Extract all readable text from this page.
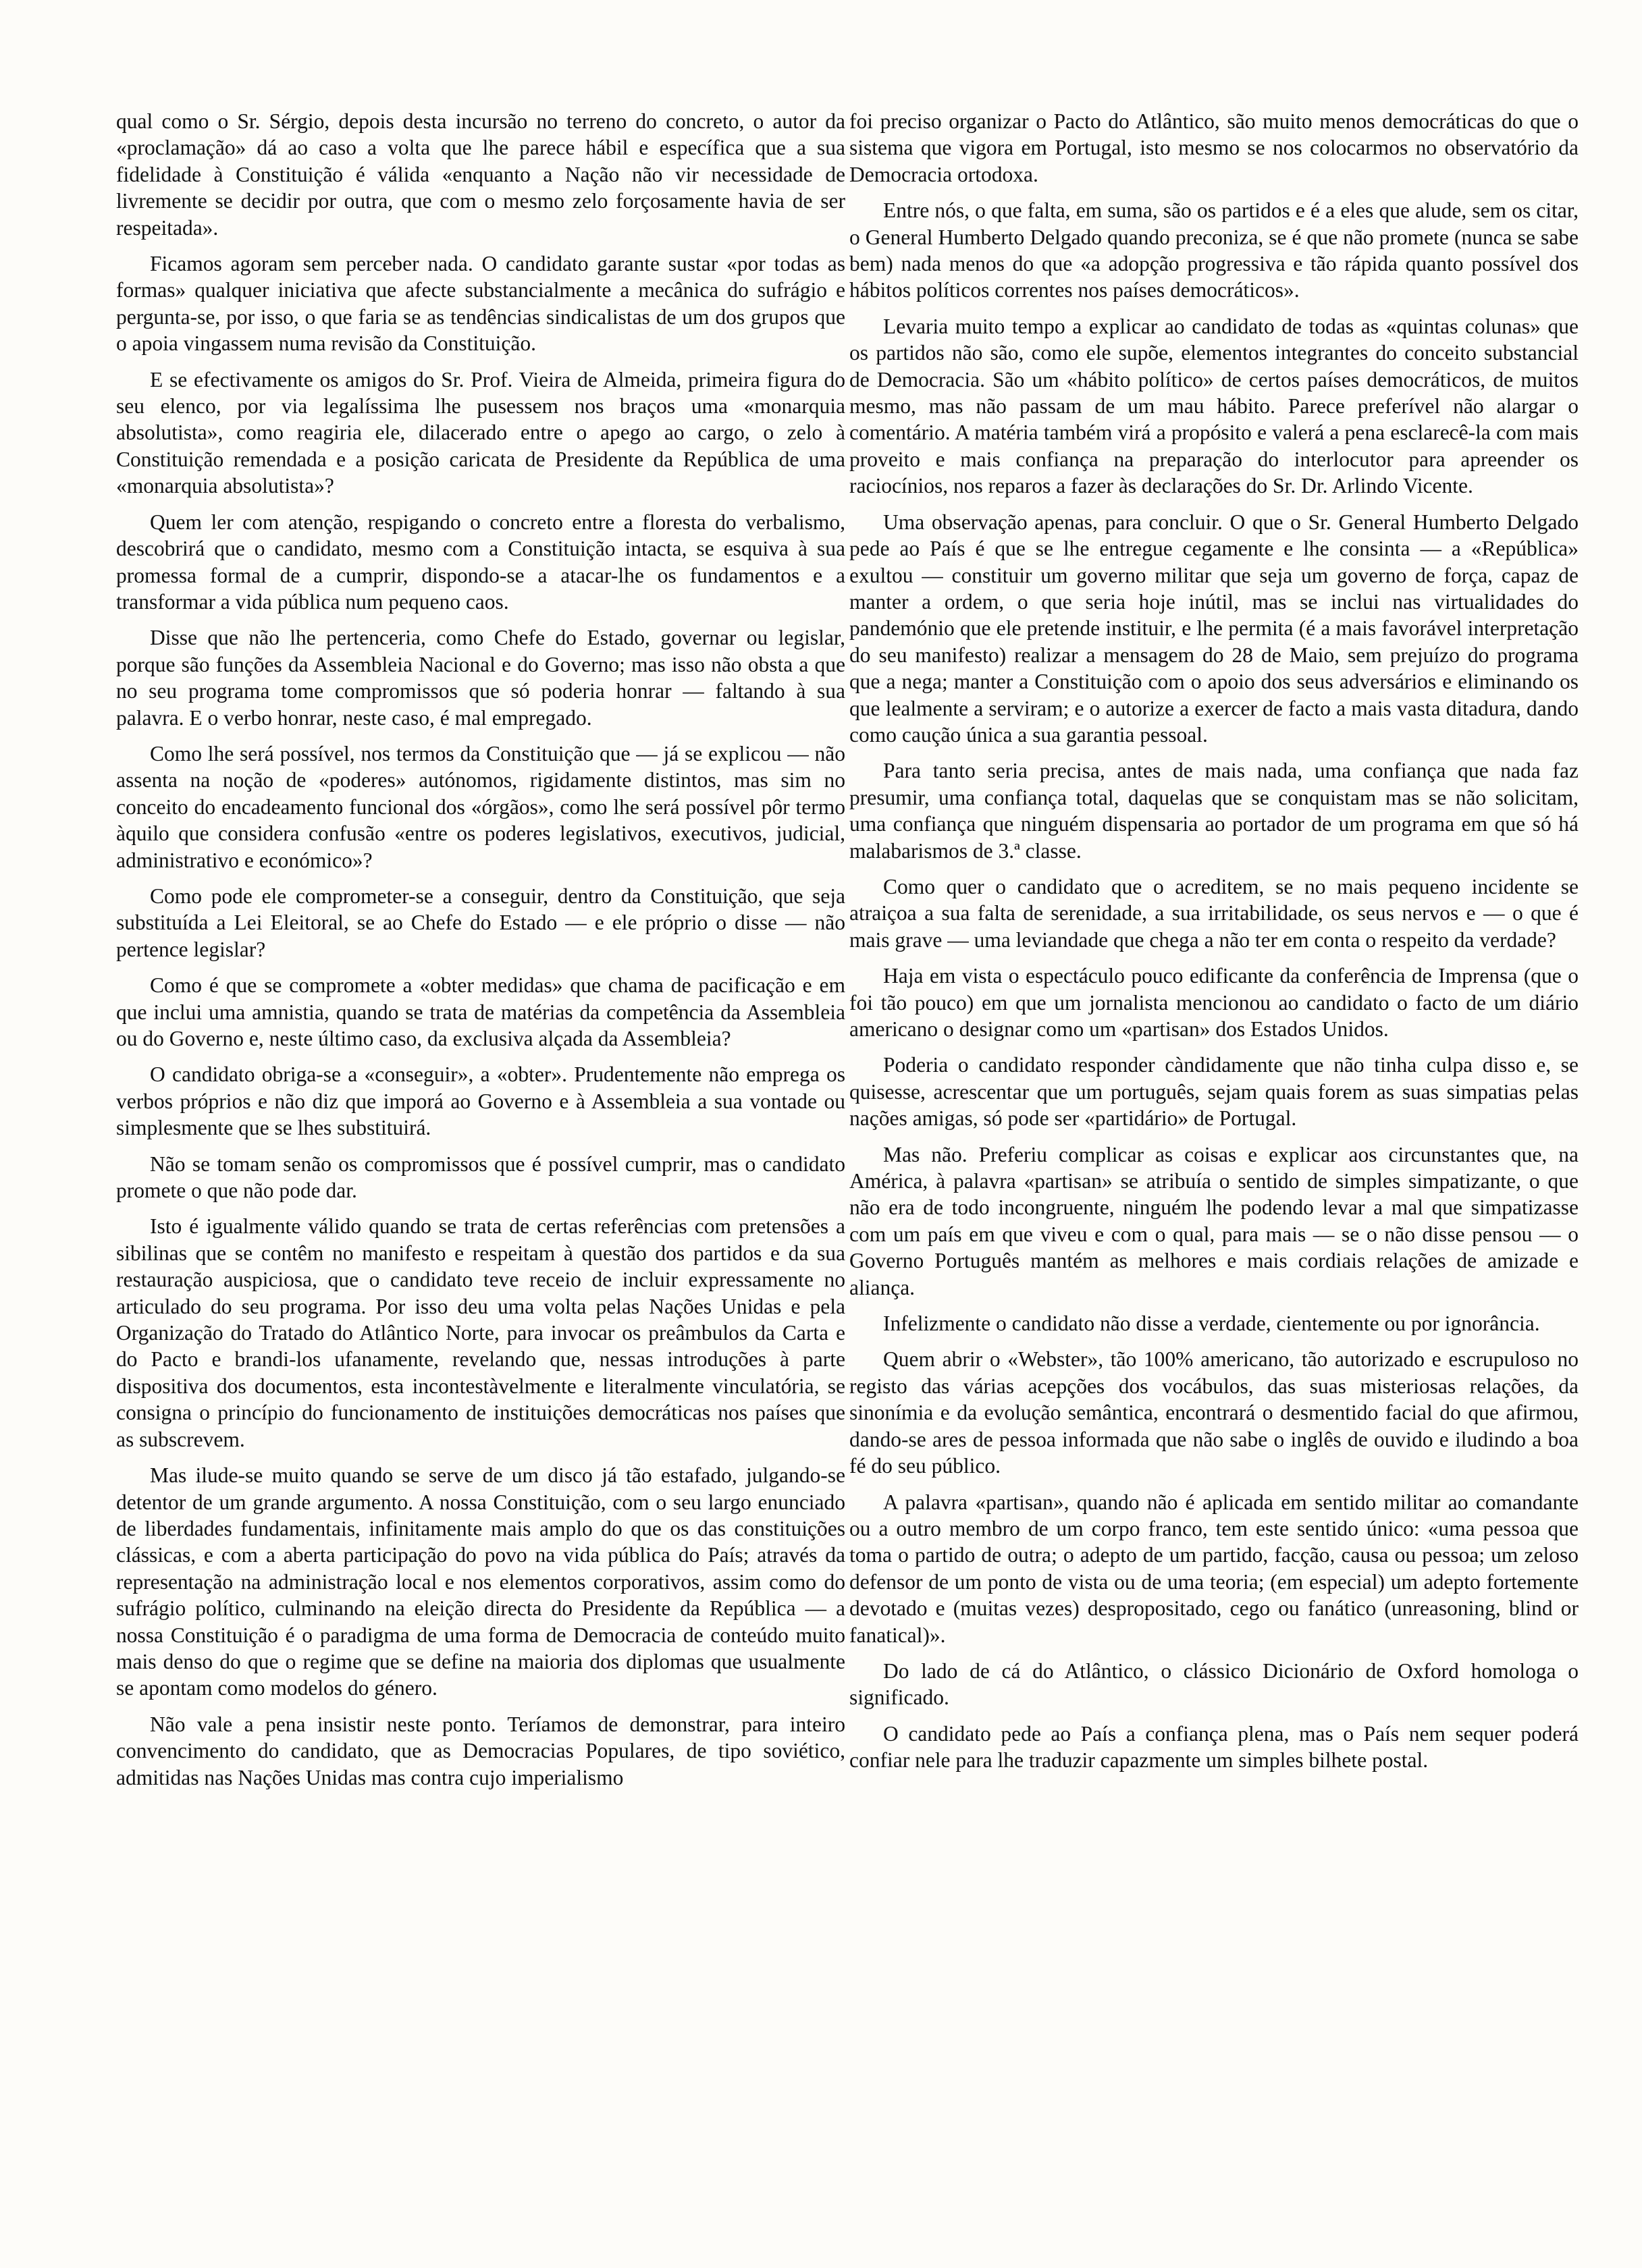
qual como o Sr. Sérgio, depois desta incursão no terreno do concreto, o autor da «proclamação» dá ao caso a volta que lhe parece hábil e específica que a sua fidelidade à Constituição é válida «enquanto a Nação não vir necessidade de livremente se decidir por outra, que com o mesmo zelo forçosamente havia de ser respeitada».

Ficamos agoram sem perceber nada. O candidato garante sustar «por todas as formas» qualquer iniciativa que afecte substancialmente a mecânica do sufrágio e pergunta-se, por isso, o que faria se as tendências sindicalistas de um dos grupos que o apoia vingassem numa revisão da Constituição.

E se efectivamente os amigos do Sr. Prof. Vieira de Almeida, primeira figura do seu elenco, por via legalíssima lhe pusessem nos braços uma «monarquia absolutista», como reagiria ele, dilacerado entre o apego ao cargo, o zelo à Constituição remendada e a posição caricata de Presidente da República de uma «monarquia absolutista»?

Quem ler com atenção, respigando o concreto entre a floresta do verbalismo, descobrirá que o candidato, mesmo com a Constituição intacta, se esquiva à sua promessa formal de a cumprir, dispondo-se a atacar-lhe os fundamentos e a transformar a vida pública num pequeno caos.

Disse que não lhe pertenceria, como Chefe do Estado, governar ou legislar, porque são funções da Assembleia Nacional e do Governo; mas isso não obsta a que no seu programa tome compromissos que só poderia honrar — faltando à sua palavra. E o verbo honrar, neste caso, é mal empregado.

Como lhe será possível, nos termos da Constituição que — já se explicou — não assenta na noção de «poderes» autónomos, rigidamente distintos, mas sim no conceito do encadeamento funcional dos «órgãos», como lhe será possível pôr termo àquilo que considera confusão «entre os poderes legislativos, executivos, judicial, administrativo e económico»?

Como pode ele comprometer-se a conseguir, dentro da Constituição, que seja substituída a Lei Eleitoral, se ao Chefe do Estado — e ele próprio o disse — não pertence legislar?

Como é que se compromete a «obter medidas» que chama de pacificação e em que inclui uma amnistia, quando se trata de matérias da competência da Assembleia ou do Governo e, neste último caso, da exclusiva alçada da Assembleia?

O candidato obriga-se a «conseguir», a «obter». Prudentemente não emprega os verbos próprios e não diz que imporá ao Governo e à Assembleia a sua vontade ou simplesmente que se lhes substituirá.

Não se tomam senão os compromissos que é possível cumprir, mas o candidato promete o que não pode dar.

Isto é igualmente válido quando se trata de certas referências com pretensões a sibilinas que se contêm no manifesto e respeitam à questão dos partidos e da sua restauração auspiciosa, que o candidato teve receio de incluir expressamente no articulado do seu programa. Por isso deu uma volta pelas Nações Unidas e pela Organização do Tratado do Atlântico Norte, para invocar os preâmbulos da Carta e do Pacto e brandi-los ufanamente, revelando que, nessas introduções à parte dispositiva dos documentos, esta incontestàvelmente e literalmente vinculatória, se consigna o princípio do funcionamento de instituições democráticas nos países que as subscrevem.

Mas ilude-se muito quando se serve de um disco já tão estafado, julgando-se detentor de um grande argumento. A nossa Constituição, com o seu largo enunciado de liberdades fundamentais, infinitamente mais amplo do que os das constituições clássicas, e com a aberta participação do povo na vida pública do País; através da representação na administração local e nos elementos corporativos, assim como do sufrágio político, culminando na eleição directa do Presidente da República — a nossa Constituição é o paradigma de uma forma de Democracia de conteúdo muito mais denso do que o regime que se define na maioria dos diplomas que usualmente se apontam como modelos do género.

Não vale a pena insistir neste ponto. Teríamos de demonstrar, para inteiro convencimento do candidato, que as Democracias Populares, de tipo soviético, admitidas nas Nações Unidas mas contra cujo imperialismo

foi preciso organizar o Pacto do Atlântico, são muito menos democráticas do que o sistema que vigora em Portugal, isto mesmo se nos colocarmos no observatório da Democracia ortodoxa.

Entre nós, o que falta, em suma, são os partidos e é a eles que alude, sem os citar, o General Humberto Delgado quando preconiza, se é que não promete (nunca se sabe bem) nada menos do que «a adopção progressiva e tão rápida quanto possível dos hábitos políticos correntes nos países democráticos».

Levaria muito tempo a explicar ao candidato de todas as «quintas colunas» que os partidos não são, como ele supõe, elementos integrantes do conceito substancial de Democracia. São um «hábito político» de certos países democráticos, de muitos mesmo, mas não passam de um mau hábito. Parece preferível não alargar o comentário. A matéria também virá a propósito e valerá a pena esclarecê-la com mais proveito e mais confiança na preparação do interlocutor para apreender os raciocínios, nos reparos a fazer às declarações do Sr. Dr. Arlindo Vicente.

Uma observação apenas, para concluir. O que o Sr. General Humberto Delgado pede ao País é que se lhe entregue cegamente e lhe consinta — a «República» exultou — constituir um governo militar que seja um governo de força, capaz de manter a ordem, o que seria hoje inútil, mas se inclui nas virtualidades do pandemónio que ele pretende instituir, e lhe permita (é a mais favorável interpretação do seu manifesto) realizar a mensagem do 28 de Maio, sem prejuízo do programa que a nega; manter a Constituição com o apoio dos seus adversários e eliminando os que lealmente a serviram; e o autorize a exercer de facto a mais vasta ditadura, dando como caução única a sua garantia pessoal.

Para tanto seria precisa, antes de mais nada, uma confiança que nada faz presumir, uma confiança total, daquelas que se conquistam mas se não solicitam, uma confiança que ninguém dispensaria ao portador de um programa em que só há malabarismos de 3.ª classe.

Como quer o candidato que o acreditem, se no mais pequeno incidente se atraiçoa a sua falta de serenidade, a sua irritabilidade, os seus nervos e — o que é mais grave — uma leviandade que chega a não ter em conta o respeito da verdade?

Haja em vista o espectáculo pouco edificante da conferência de Imprensa (que o foi tão pouco) em que um jornalista mencionou ao candidato o facto de um diário americano o designar como um «partisan» dos Estados Unidos.

Poderia o candidato responder càndidamente que não tinha culpa disso e, se quisesse, acrescentar que um português, sejam quais forem as suas simpatias pelas nações amigas, só pode ser «partidário» de Portugal.

Mas não. Preferiu complicar as coisas e explicar aos circunstantes que, na América, à palavra «partisan» se atribuía o sentido de simples simpatizante, o que não era de todo incongruente, ninguém lhe podendo levar a mal que simpatizasse com um país em que viveu e com o qual, para mais — se o não disse pensou — o Governo Português mantém as melhores e mais cordiais relações de amizade e aliança.

Infelizmente o candidato não disse a verdade, cientemente ou por ignorância.

Quem abrir o «Webster», tão 100% americano, tão autorizado e escrupuloso no registo das várias acepções dos vocábulos, das suas misteriosas relações, da sinonímia e da evolução semântica, encontrará o desmentido facial do que afirmou, dando-se ares de pessoa informada que não sabe o inglês de ouvido e iludindo a boa fé do seu público.

A palavra «partisan», quando não é aplicada em sentido militar ao comandante ou a outro membro de um corpo franco, tem este sentido único: «uma pessoa que toma o partido de outra; o adepto de um partido, facção, causa ou pessoa; um zeloso defensor de um ponto de vista ou de uma teoria; (em especial) um adepto fortemente devotado e (muitas vezes) despropositado, cego ou fanático (unreasoning, blind or fanatical)».

Do lado de cá do Atlântico, o clássico Dicionário de Oxford homologa o significado.

O candidato pede ao País a confiança plena, mas o País nem sequer poderá confiar nele para lhe traduzir capazmente um simples bilhete postal.
